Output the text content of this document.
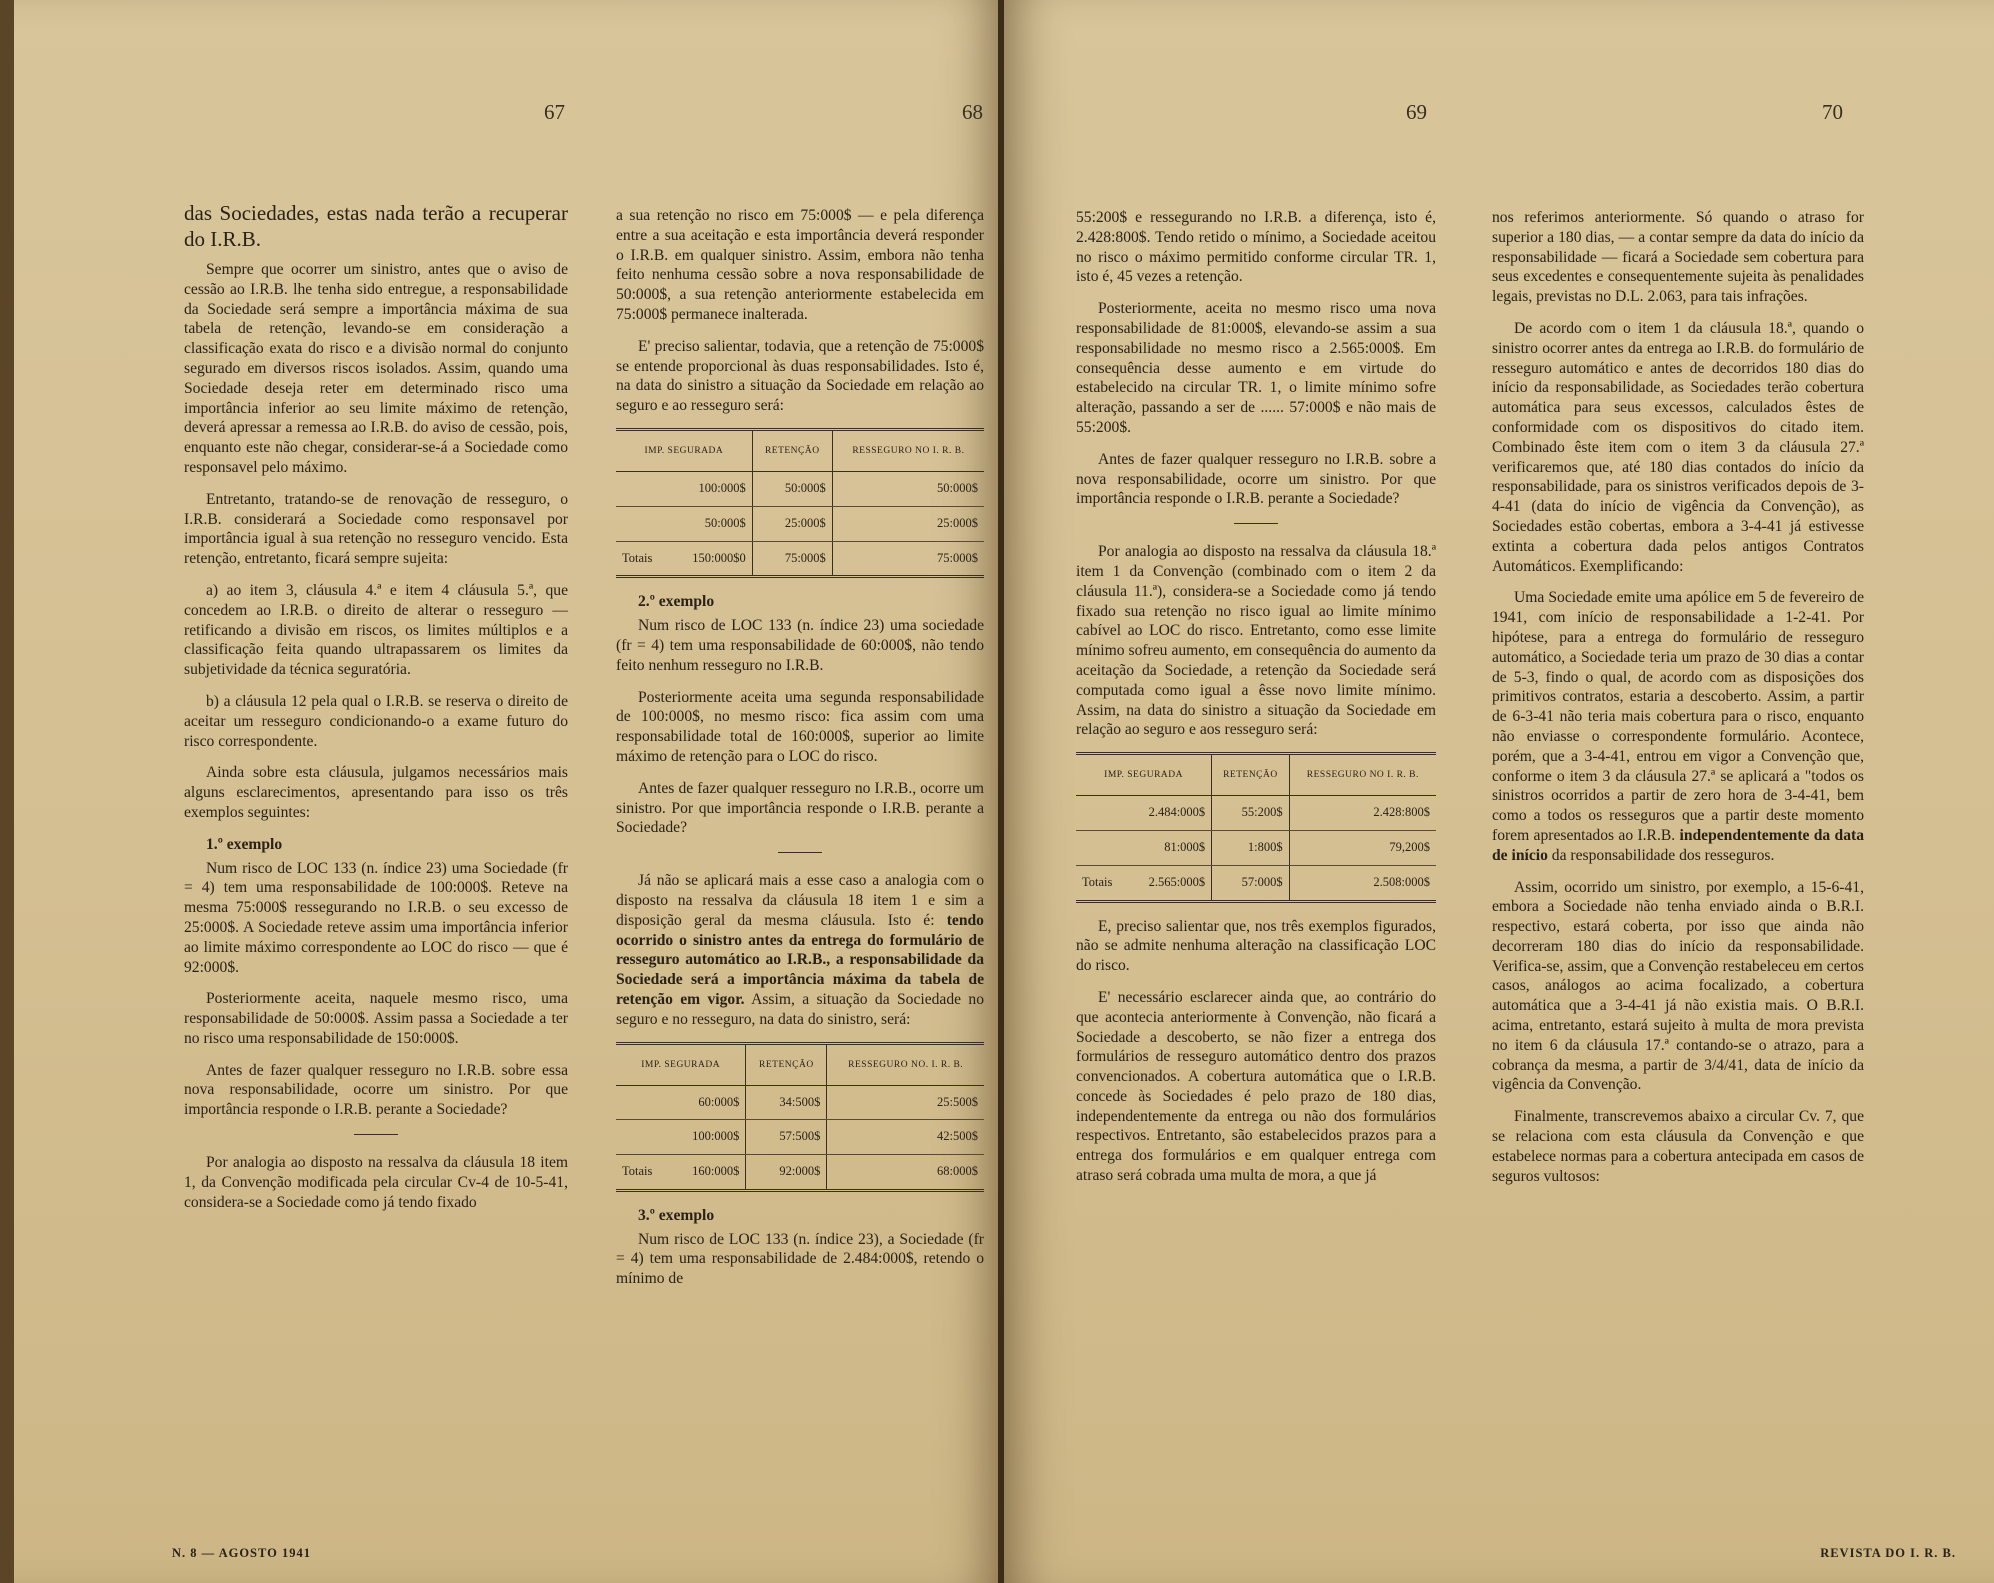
67	68

das Sociedades, estas nada terão a recuperar do I.R.B.

Sempre que ocorrer um sinistro, antes que o aviso de cessão ao I.R.B. lhe tenha sido entregue, a responsabilidade da Sociedade será sempre a importância máxima de sua tabela de retenção, levando-se em consideração a classificação exata do risco e a divisão normal do conjunto segurado em diversos riscos isolados. Assim, quando uma Sociedade deseja reter em determinado risco uma importância inferior ao seu limite máximo de retenção, deverá apressar a remessa ao I.R.B. do aviso de cessão, pois, enquanto este não chegar, considerar-se-á a Sociedade como responsavel pelo máximo.

Entretanto, tratando-se de renovação de resseguro, o I.R.B. considerará a Sociedade como responsavel por importância igual à sua retenção no resseguro vencido. Esta retenção, entretanto, ficará sempre sujeita:

a) ao item 3, cláusula 4.ª e item 4 cláusula 5.ª, que concedem ao I.R.B. o direito de alterar o resseguro — retificando a divisão em riscos, os limites múltiplos e a classificação feita quando ultrapassarem os limites da subjetividade da técnica seguratória.

b) a cláusula 12 pela qual o I.R.B. se reserva o direito de aceitar um resseguro condicionando-o a exame futuro do risco correspondente.

Ainda sobre esta cláusula, julgamos necessários mais alguns esclarecimentos, apresentando para isso os três exemplos seguintes:

1.º exemplo

Num risco de LOC 133 (n. índice 23) uma Sociedade (fr = 4) tem uma responsabilidade de 100:000$. Reteve na mesma 75:000$ ressegurando no I.R.B. o seu excesso de 25:000$. A Sociedade reteve assim uma importância inferior ao limite máximo correspondente ao LOC do risco — que é 92:000$.

Posteriormente aceita, naquele mesmo risco, uma responsabilidade de 50:000$. Assim passa a Sociedade a ter no risco uma responsabilidade de 150:000$.

Antes de fazer qualquer resseguro no I.R.B. sobre essa nova responsabilidade, ocorre um sinistro. Por que importância responde o I.R.B. perante a Sociedade?

Por analogia ao disposto na ressalva da cláusula 18 item 1, da Convenção modificada pela circular Cv-4 de 10-5-41, considera-se a Sociedade como já tendo fixado

a sua retenção no risco em 75:000$ — e pela diferença entre a sua aceitação e esta importância deverá responder o I.R.B. em qualquer sinistro. Assim, embora não tenha feito nenhuma cessão sobre a nova responsabilidade de 50:000$, a sua retenção anteriormente estabelecida em 75:000$ permanece inalterada.

E' preciso salientar, todavia, que a retenção de 75:000$ se entende proporcional às duas responsabilidades. Isto é, na data do sinistro a situação da Sociedade em relação ao seguro e ao resseguro será:

IMP. SEGURADA		RETENÇÃO	RESSEGURO NO I. R. B.
	100:000$	50:000$	50:000$
	50:000$	25:000$	25:000$
Totais	150:000$0	75:000$	75:000$
2.º exemplo

Num risco de LOC 133 (n. índice 23) uma sociedade (fr = 4) tem uma responsabilidade de 60:000$, não tendo feito nenhum resseguro no I.R.B.

Posteriormente aceita uma segunda responsabilidade de 100:000$, no mesmo risco: fica assim com uma responsabilidade total de 160:000$, superior ao limite máximo de retenção para o LOC do risco.

Antes de fazer qualquer resseguro no I.R.B., ocorre um sinistro. Por que importância responde o I.R.B. perante a Sociedade?

Já não se aplicará mais a esse caso a analogia com o disposto na ressalva da cláusula 18 item 1 e sim a disposição geral da mesma cláusula. Isto é: tendo ocorrido o sinistro antes da entrega do formulário de resseguro automático ao I.R.B., a responsabilidade da Sociedade será a importância máxima da tabela de retenção em vigor. Assim, a situação da Sociedade no seguro e no resseguro, na data do sinistro, será:

IMP. SEGURADA		RETENÇÃO	RESSEGURO NO. I. R. B.
	60:000$	34:500$	25:500$
	100:000$	57:500$	42:500$
Totais	160:000$	92:000$	68:000$
3.º exemplo

Num risco de LOC 133 (n. índice 23), a Sociedade (fr = 4) tem uma responsabilidade de 2.484:000$, retendo o mínimo de

N. 8 — AGOSTO 1941
69	70

55:200$ e ressegurando no I.R.B. a diferença, isto é, 2.428:800$. Tendo retido o mínimo, a Sociedade aceitou no risco o máximo permitido conforme circular TR. 1, isto é, 45 vezes a retenção.

Posteriormente, aceita no mesmo risco uma nova responsabilidade de 81:000$, elevando-se assim a sua responsabilidade no mesmo risco a 2.565:000$. Em consequência desse aumento e em virtude do estabelecido na circular TR. 1, o limite mínimo sofre alteração, passando a ser de ...... 57:000$ e não mais de 55:200$.

Antes de fazer qualquer resseguro no I.R.B. sobre a nova responsabilidade, ocorre um sinistro. Por que importância responde o I.R.B. perante a Sociedade?

Por analogia ao disposto na ressalva da cláusula 18.ª item 1 da Convenção (combinado com o item 2 da cláusula 11.ª), considera-se a Sociedade como já tendo fixado sua retenção no risco igual ao limite mínimo cabível ao LOC do risco. Entretanto, como esse limite mínimo sofreu aumento, em consequência do aumento da aceitação da Sociedade, a retenção da Sociedade será computada como igual a êsse novo limite mínimo. Assim, na data do sinistro a situação da Sociedade em relação ao seguro e aos resseguro será:

IMP. SEGURADA		RETENÇÃO	RESSEGURO NO I. R. B.
	2.484:000$	55:200$	2.428:800$
	81:000$	1:800$	79,200$
Totais	2.565:000$	57:000$	2.508:000$

E, preciso salientar que, nos três exemplos figurados, não se admite nenhuma alteração na classificação LOC do risco.

E' necessário esclarecer ainda que, ao contrário do que acontecia anteriormente à Convenção, não ficará a Sociedade a descoberto, se não fizer a entrega dos formulários de resseguro automático dentro dos prazos convencionados. A cobertura automática que o I.R.B. concede às Sociedades é pelo prazo de 180 dias, independentemente da entrega ou não dos formulários respectivos. Entretanto, são estabelecidos prazos para a entrega dos formulários e em qualquer entrega com atraso será cobrada uma multa de mora, a que já

nos referimos anteriormente. Só quando o atraso for superior a 180 dias, — a contar sempre da data do início da responsabilidade — ficará a Sociedade sem cobertura para seus excedentes e consequentemente sujeita às penalidades legais, previstas no D.L. 2.063, para tais infrações.

De acordo com o item 1 da cláusula 18.ª, quando o sinistro ocorrer antes da entrega ao I.R.B. do formulário de resseguro automático e antes de decorridos 180 dias do início da responsabilidade, as Sociedades terão cobertura automática para seus excessos, calculados êstes de conformidade com os dispositivos do citado item. Combinado êste item com o item 3 da cláusula 27.ª verificaremos que, até 180 dias contados do início da responsabilidade, para os sinistros verificados depois de 3-4-41 (data do início de vigência da Convenção), as Sociedades estão cobertas, embora a 3-4-41 já estivesse extinta a cobertura dada pelos antigos Contratos Automáticos. Exemplificando:

Uma Sociedade emite uma apólice em 5 de fevereiro de 1941, com início de responsabilidade a 1-2-41. Por hipótese, para a entrega do formulário de resseguro automático, a Sociedade teria um prazo de 30 dias a contar de 5-3, findo o qual, de acordo com as disposições dos primitivos contratos, estaria a descoberto. Assim, a partir de 6-3-41 não teria mais cobertura para o risco, enquanto não enviasse o correspondente formulário. Acontece, porém, que a 3-4-41, entrou em vigor a Convenção que, conforme o item 3 da cláusula 27.ª se aplicará a "todos os sinistros ocorridos a partir de zero hora de 3-4-41, bem como a todos os resseguros que a partir deste momento forem apresentados ao I.R.B. independentemente da data de início da responsabilidade dos resseguros.

Assim, ocorrido um sinistro, por exemplo, a 15-6-41, embora a Sociedade não tenha enviado ainda o B.R.I. respectivo, estará coberta, por isso que ainda não decorreram 180 dias do início da responsabilidade. Verifica-se, assim, que a Convenção restabeleceu em certos casos, análogos ao acima focalizado, a cobertura automática que a 3-4-41 já não existia mais. O B.R.I. acima, entretanto, estará sujeito à multa de mora prevista no item 6 da cláusula 17.ª contando-se o atrazo, para a cobrança da mesma, a partir de 3/4/41, data de início da vigência da Convenção.

Finalmente, transcrevemos abaixo a circular Cv. 7, que se relaciona com esta cláusula da Convenção e que estabelece normas para a cobertura antecipada em casos de seguros vultosos:

REVISTA DO I. R. B.
